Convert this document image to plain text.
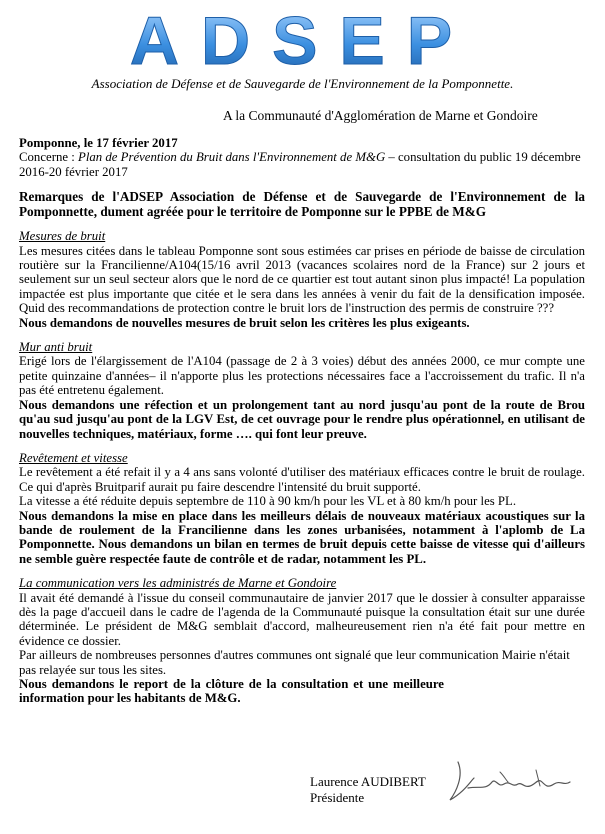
ADSEP
Association de Défense et de Sauvegarde de l'Environnement de la Pomponnette.
A la Communauté d'Agglomération de Marne et Gondoire

Pomponne, le 17 février 2017

Concerne : Plan de Prévention du Bruit dans l'Environnement de M&G – consultation du public 19 décembre 2016-20 février 2017

Remarques de l'ADSEP Association de Défense et de Sauvegarde de l'Environnement de la Pomponnette, dument agréée pour le territoire de Pomponne sur le PPBE de M&G

Mesures de bruit

Les mesures citées dans le tableau Pomponne sont sous estimées car prises en période de baisse de circulation routière sur la Francilienne/A104(15/16 avril 2013 (vacances scolaires nord de la France) sur 2 jours et seulement sur un seul secteur alors que le nord de ce quartier est tout autant sinon plus impacté! La population impactée est plus importante que citée et le sera dans les années à venir du fait de la densification imposée. Quid des recommandations de protection contre le bruit lors de l'instruction des permis de construire ???

Nous demandons de nouvelles mesures de bruit selon les critères les plus exigeants.

Mur anti bruit

Erigé lors de l'élargissement de l'A104 (passage de 2 à 3 voies) début des années 2000, ce mur compte une petite quinzaine d'années– il n'apporte plus les protections nécessaires face a l'accroissement du trafic. Il n'a pas été entretenu également.

Nous demandons une réfection et un prolongement tant au nord jusqu'au pont de la route de Brou qu'au sud jusqu'au pont de la LGV Est, de cet ouvrage pour le rendre plus opérationnel, en utilisant de nouvelles techniques, matériaux, forme …. qui font leur preuve.

Revêtement et vitesse

Le revêtement a été refait il y a 4 ans sans volonté d'utiliser des matériaux efficaces contre le bruit de roulage. Ce qui d'après Bruitparif aurait pu faire descendre l'intensité du bruit supporté.

La vitesse a été réduite depuis septembre de 110 à 90 km/h pour les VL et à 80 km/h pour les PL.

Nous demandons la mise en place dans les meilleurs délais de nouveaux matériaux acoustiques sur la bande de roulement de la Francilienne dans les zones urbanisées, notamment à l'aplomb de La Pomponnette. Nous demandons un bilan en termes de bruit depuis cette baisse de vitesse qui d'ailleurs ne semble guère respectée faute de contrôle et de radar, notamment les PL.

La communication vers les administrés de Marne et Gondoire

Il avait été demandé à l'issue du conseil communautaire de janvier 2017 que le dossier à consulter apparaisse dès la page d'accueil dans le cadre de l'agenda de la Communauté puisque la consultation était sur une durée déterminée. Le président de M&G semblait d'accord, malheureusement rien n'a été fait pour mettre en évidence ce dossier.

Par ailleurs de nombreuses personnes d'autres communes ont signalé que leur communication Mairie n'était pas relayée sur tous les sites.

Nous demandons le report de la clôture de la consultation et une meilleure information pour les habitants de M&G.

Laurence AUDIBERT
Présidente
